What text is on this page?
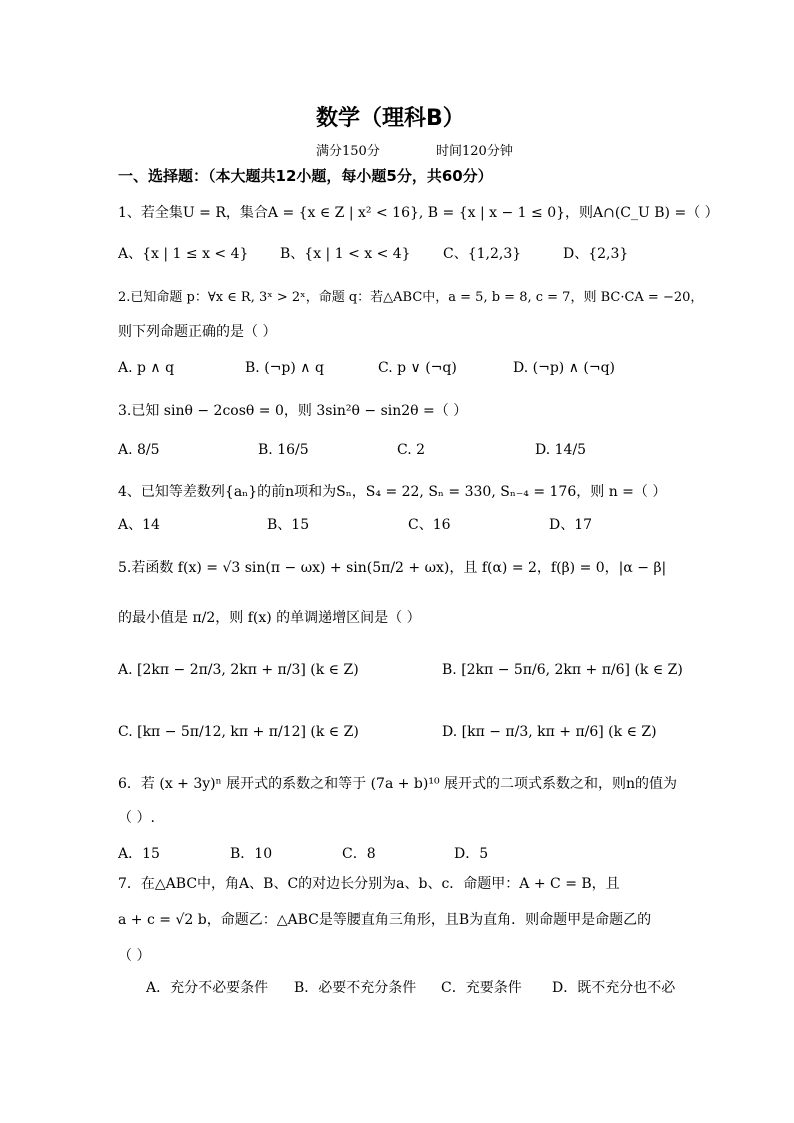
数学（理科B）
满分150分	时间120分钟
一、选择题：（本大题共12小题，每小题5分，共60分）
1、若全集U = R，集合A = {x ∈ Z | x² < 16}, B = {x | x − 1 ≤ 0}，则A∩(C_U B) =（ ）
A、{x | 1 ≤ x < 4} B、{x | 1 < x < 4} C、{1,2,3}	D、{2,3}
2.已知命题 p：∀x ∈ R, 3ˣ > 2ˣ，命题 q：若△ABC中，a = 5, b = 8, c = 7，则 BC·CA = −20，
则下列命题正确的是（ ）
A. p ∧ q	B. (¬p) ∧ q	C. p ∨ (¬q)	D. (¬p) ∧ (¬q)
3.已知 sinθ − 2cosθ = 0，则 3sin²θ − sin2θ =（ ）
A. 8/5	B. 16/5	C. 2	D. 14/5
4、已知等差数列{aₙ}的前n项和为Sₙ，S₄ = 22, Sₙ = 330, Sₙ₋₄ = 176，则 n =（ ）
A、14	B、15	C、16	D、17
5.若函数 f(x) = √3 sin(π − ωx) + sin(5π/2 + ωx)，且 f(α) = 2，f(β) = 0，|α − β|
的最小值是 π/2，则 f(x) 的单调递增区间是（ ）
A. [2kπ − 2π/3, 2kπ + π/3] (k ∈ Z)	B. [2kπ − 5π/6, 2kπ + π/6] (k ∈ Z)
C. [kπ − 5π/12, kπ + π/12] (k ∈ Z)	D. [kπ − π/3, kπ + π/6] (k ∈ Z)
6．若 (x + 3y)ⁿ 展开式的系数之和等于 (7a + b)¹⁰ 展开式的二项式系数之和，则n的值为
（ ）.
A．15	B．10	C．8	D．5
7．在△ABC中，角A、B、C的对边长分别为a、b、c．命题甲：A + C = B，且
a + c = √2 b，命题乙：△ABC是等腰直角三角形，且B为直角．则命题甲是命题乙的
（ ）
A．充分不必要条件 B．必要不充分条件 C．充要条件 D．既不充分也不必
